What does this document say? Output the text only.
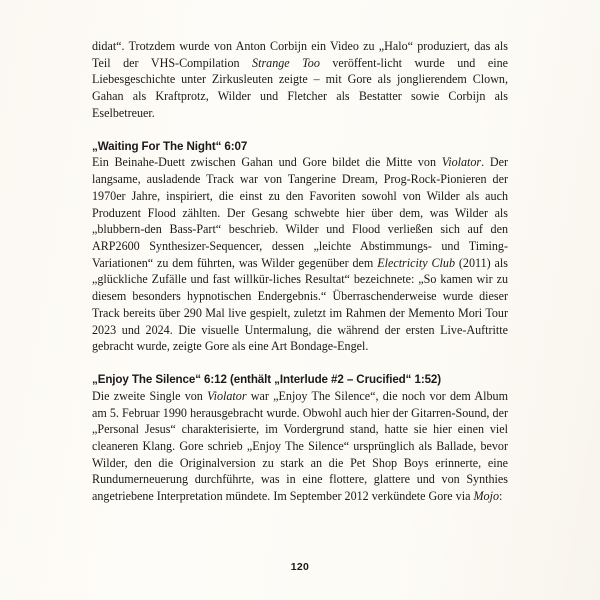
didat“. Trotzdem wurde von Anton Corbijn ein Video zu „Halo“ produziert, das als Teil der VHS-Compilation Strange Too veröffent-licht wurde und eine Liebesgeschichte unter Zirkusleuten zeigte – mit Gore als jonglierendem Clown, Gahan als Kraftprotz, Wilder und Fletcher als Bestatter sowie Corbijn als Eselbetreuer.

„Waiting For The Night“ 6:07

Ein Beinahe-Duett zwischen Gahan und Gore bildet die Mitte von Violator. Der langsame, ausladende Track war von Tangerine Dream, Prog-Rock-Pionieren der 1970er Jahre, inspiriert, die einst zu den Favoriten sowohl von Wilder als auch Produzent Flood zählten. Der Gesang schwebte hier über dem, was Wilder als „blubbern-den Bass-Part“ beschrieb. Wilder und Flood verließen sich auf den ARP2600 Synthesizer-Sequencer, dessen „leichte Abstimmungs- und Timing-Variationen“ zu dem führten, was Wilder gegenüber dem Electricity Club (2011) als „glückliche Zufälle und fast willkür-liches Resultat“ bezeichnete: „So kamen wir zu diesem besonders hypnotischen Endergebnis.“ Überraschenderweise wurde dieser Track bereits über 290 Mal live gespielt, zuletzt im Rahmen der Memento Mori Tour 2023 und 2024. Die visuelle Untermalung, die während der ersten Live-Auftritte gebracht wurde, zeigte Gore als eine Art Bondage-Engel.

„Enjoy The Silence“ 6:12 (enthält „Interlude #2 – Crucified“ 1:52)

Die zweite Single von Violator war „Enjoy The Silence“, die noch vor dem Album am 5. Februar 1990 herausgebracht wurde. Obwohl auch hier der Gitarren-Sound, der „Personal Jesus“ charakterisierte, im Vordergrund stand, hatte sie hier einen viel cleaneren Klang. Gore schrieb „Enjoy The Silence“ ursprünglich als Ballade, bevor Wilder, den die Originalversion zu stark an die Pet Shop Boys erinnerte, eine Rundumerneuerung durchführte, was in eine flottere, glattere und von Synthies angetriebene Interpretation mündete. Im September 2012 verkündete Gore via Mojo:

120
